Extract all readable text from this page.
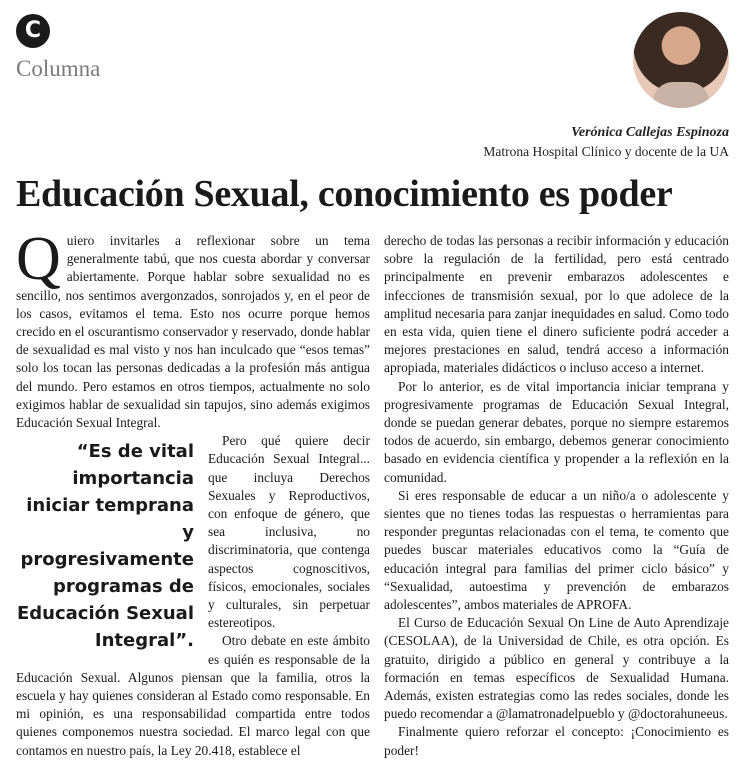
C
Columna
Verónica Callejas Espinoza
Matrona Hospital Clínico y docente de la UA
Educación Sexual, conocimiento es poder

Q uiero invitarles a reflexionar sobre un tema generalmente tabú, que nos cuesta abordar y conversar abiertamente. Porque hablar sobre sexualidad no es sencillo, nos sentimos avergonzados, sonrojados y, en el peor de los casos, evitamos el tema. Esto nos ocurre porque hemos crecido en el oscurantismo conservador y reservado, donde hablar de sexualidad es mal visto y nos han inculcado que “esos temas” solo los tocan las personas dedicadas a la profesión más antigua del mundo. Pero estamos en otros tiempos, actualmente no solo exigimos hablar de sexualidad sin tapujos, sino además exigimos Educación Sexual Integral.

“Es de vital importancia iniciar temprana y progresivamente programas de Educación Sexual Integral”.

Pero qué quiere decir Educación Sexual Integral... que incluya Derechos Sexuales y Reproductivos, con enfoque de género, que sea inclusiva, no discriminatoria, que contenga aspectos cognoscitivos, físicos, emocionales, sociales y culturales, sin perpetuar estereotipos.

Otro debate en este ámbito es quién es responsable de la Educación Sexual. Algunos piensan que la familia, otros la escuela y hay quienes consideran al Estado como responsable. En mi opinión, es una responsabilidad compartida entre todos quienes componemos nuestra sociedad. El marco legal con que contamos en nuestro país, la Ley 20.418, establece el

derecho de todas las personas a recibir información y educación sobre la regulación de la fertilidad, pero está centrado principalmente en prevenir embarazos adolescentes e infecciones de transmisión sexual, por lo que adolece de la amplitud necesaria para zanjar inequidades en salud. Como todo en esta vida, quien tiene el dinero suficiente podrá acceder a mejores prestaciones en salud, tendrá acceso a información apropiada, materiales didácticos o incluso acceso a internet.

Por lo anterior, es de vital importancia iniciar temprana y progresivamente programas de Educación Sexual Integral, donde se puedan generar debates, porque no siempre estaremos todos de acuerdo, sin embargo, debemos generar conocimiento basado en evidencia científica y propender a la reflexión en la comunidad.

Si eres responsable de educar a un niño/a o adolescente y sientes que no tienes todas las respuestas o herramientas para responder preguntas relacionadas con el tema, te comento que puedes buscar materiales educativos como la “Guía de educación integral para familias del primer ciclo básico” y “Sexualidad, autoestima y prevención de embarazos adolescentes”, ambos materiales de APROFA.

El Curso de Educación Sexual On Line de Auto Aprendizaje (CESOLAA), de la Universidad de Chile, es otra opción. Es gratuito, dirigido a público en general y contribuye a la formación en temas específicos de Sexualidad Humana. Además, existen estrategias como las redes sociales, donde les puedo recomendar a @lamatronadelpueblo y @doctorahuneeus.

Finalmente quiero reforzar el concepto: ¡Conocimiento es poder!
